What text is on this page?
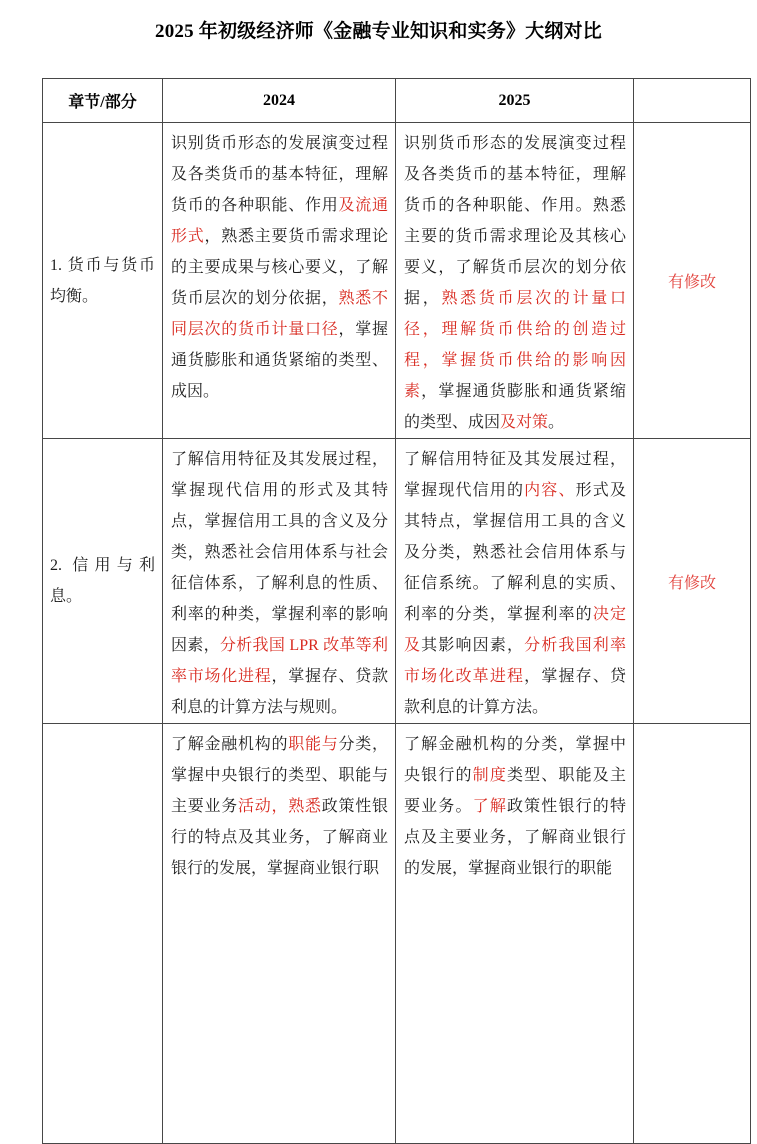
2025 年初级经济师《金融专业知识和实务》大纲对比
章节/部分	2024	2025	
1. 货币与货币均衡。	识别货币形态的发展演变过程及各类货币的基本特征，理解货币的各种职能、作用及流通形式，熟悉主要货币需求理论的主要成果与核心要义，了解货币层次的划分依据，熟悉不同层次的货币计量口径，掌握通货膨胀和通货紧缩的类型、成因。	识别货币形态的发展演变过程及各类货币的基本特征，理解货币的各种职能、作用。熟悉主要的货币需求理论及其核心要义，了解货币层次的划分依据，熟悉货币层次的计量口径，理解货币供给的创造过程，掌握货币供给的影响因素，掌握通货膨胀和通货紧缩的类型、成因及对策。	有修改
2. 信用与利息。	了解信用特征及其发展过程，掌握现代信用的形式及其特点，掌握信用工具的含义及分类，熟悉社会信用体系与社会征信体系，了解利息的性质、利率的种类，掌握利率的影响因素，分析我国 LPR 改革等利率市场化进程，掌握存、贷款利息的计算方法与规则。	了解信用特征及其发展过程，掌握现代信用的内容、形式及其特点，掌握信用工具的含义及分类，熟悉社会信用体系与征信系统。了解利息的实质、利率的分类，掌握利率的决定及其影响因素，分析我国利率市场化改革进程，掌握存、贷款利息的计算方法。	有修改
	了解金融机构的职能与分类，掌握中央银行的类型、职能与主要业务活动，熟悉政策性银行的特点及其业务，了解商业银行的发展，掌握商业银行职	了解金融机构的分类，掌握中央银行的制度类型、职能及主要业务。了解政策性银行的特点及主要业务，了解商业银行的发展，掌握商业银行的职能	
